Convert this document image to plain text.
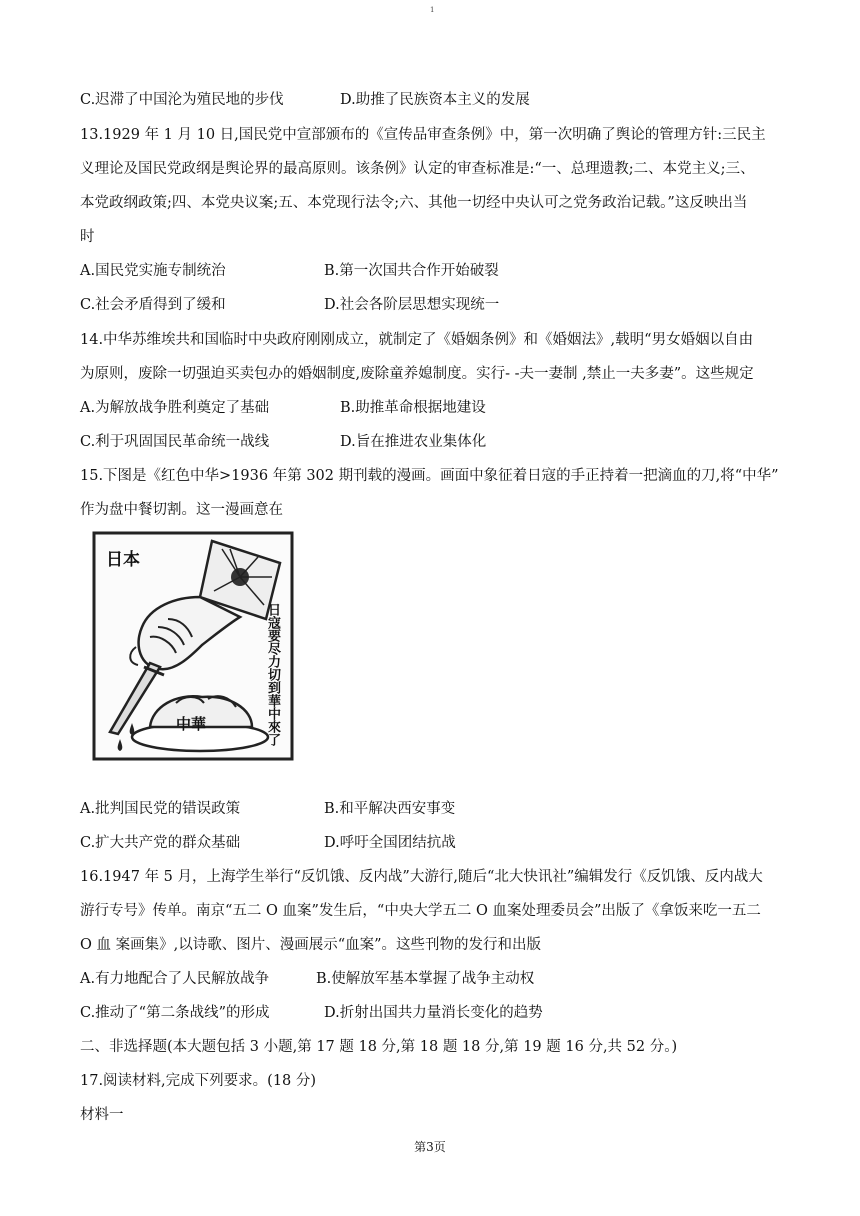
1
C.迟滞了中国沦为殖民地的步伐	D.助推了民族资本主义的发展
13.1929 年 1 月 10 日,国民党中宣部颁布的《宣传品审查条例》中，第一次明确了舆论的管理方针:三民主
义理论及国民党政纲是舆论界的最高原则。该条例》认定的审查标准是:“一、总理遗教;二、本党主义;三、
本党政纲政策;四、本党央议案;五、本党现行法令;六、其他一切经中央认可之党务政治记载。”这反映出当
时
A.国民党实施专制统治	B.第一次国共合作开始破裂
C.社会矛盾得到了缓和	D.社会各阶层思想实现统一
14.中华苏维埃共和国临时中央政府刚刚成立，就制定了《婚姻条例》和《婚姻法》,载明“男女婚姻以自由
为原则，废除一切强迫买卖包办的婚姻制度,废除童养媳制度。实行- -夫一妻制 ,禁止一夫多妻”。这些规定
A.为解放战争胜利奠定了基础	B.助推革命根据地建设
C.利于巩固国民革命统一战线	D.旨在推进农业集体化
15.下图是《红色中华>1936 年第 302 期刊载的漫画。画面中象征着日寇的手正持着一把滴血的刀,将“中华”
作为盘中餐切割。这一漫画意在
日本
中華	日寇要尽力切到華中來了
A.批判国民党的错误政策	B.和平解决西安事变
C.扩大共产党的群众基础	D.呼吁全国团结抗战
16.1947 年 5 月，上海学生举行“反饥饿、反内战”大游行,随后“北大快讯社”编辑发行《反饥饿、反内战大
游行专号》传单。南京“五二 O 血案”发生后，“中央大学五二 O 血案处理委员会”出版了《拿饭来吃一五二
O 血 案画集》,以诗歌、图片、漫画展示“血案”。这些刊物的发行和出版
A.有力地配合了人民解放战争	B.使解放军基本掌握了战争主动权
C.推动了“第二条战线”的形成	D.折射出国共力量消长变化的趋势
二、非选择题(本大题包括 3 小题,第 17 题 18 分,第 18 题 18 分,第 19 题 16 分,共 52 分。)
17.阅读材料,完成下列要求。(18 分)
材料一
第3页
